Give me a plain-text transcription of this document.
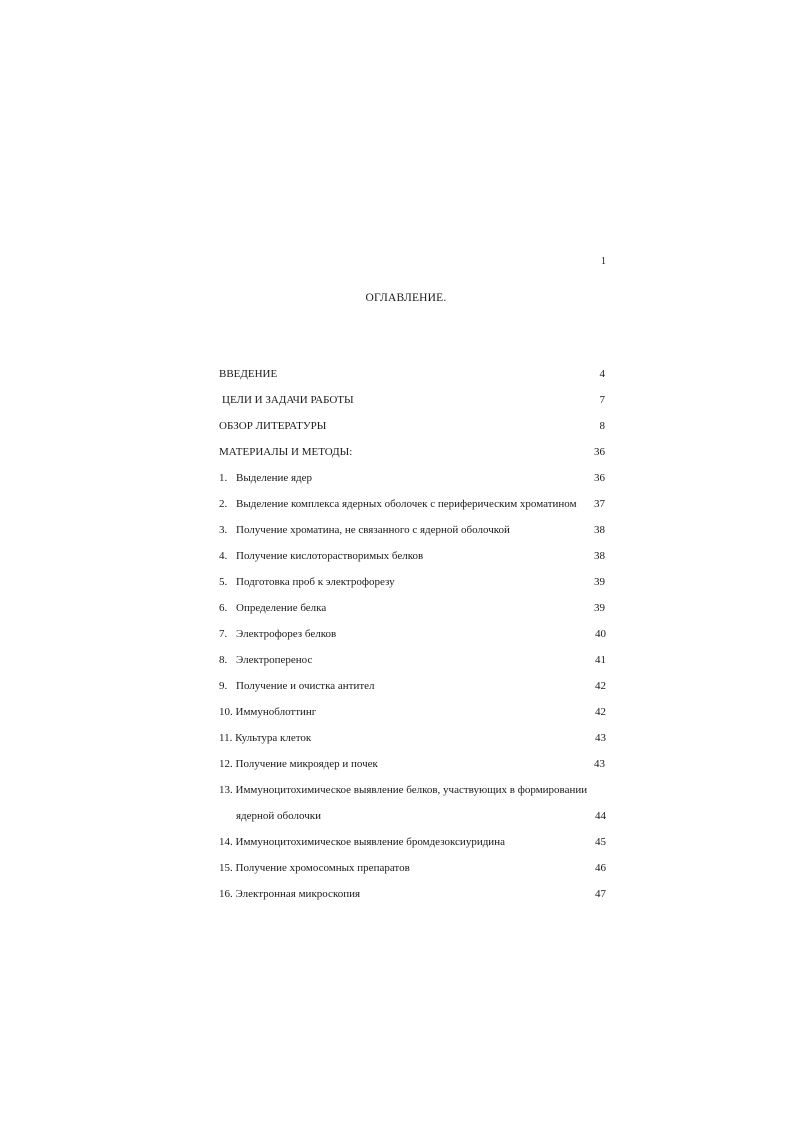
1
ОГЛАВЛЕНИЕ.
ВВЕДЕНИЕ	4
ЦЕЛИ И ЗАДАЧИ РАБОТЫ	7
ОБЗОР ЛИТЕРАТУРЫ	8
МАТЕРИАЛЫ И МЕТОДЫ:	36
1. Выделение ядер	36
2. Выделение комплекса ядерных оболочек с периферическим хроматином	37
3. Получение хроматина, не связанного с ядерной оболочкой	38
4. Получение кислоторастворимых белков	38
5. Подготовка проб к электрофорезу	39
6. Определение белка	39
7. Электрофорез белков	40
8. Электроперенос	41
9. Получение и очистка антител	42
10. Иммуноблоттинг	42
11. Культура клеток	43
12. Получение микроядер и почек	43
13. Иммуноцитохимическое выявление белков, участвующих в формировании
ядерной оболочки	44
14. Иммуноцитохимическое выявление бромдезоксиуридина	45
15. Получение хромосомных препаратов	46
16. Электронная микроскопия	47
